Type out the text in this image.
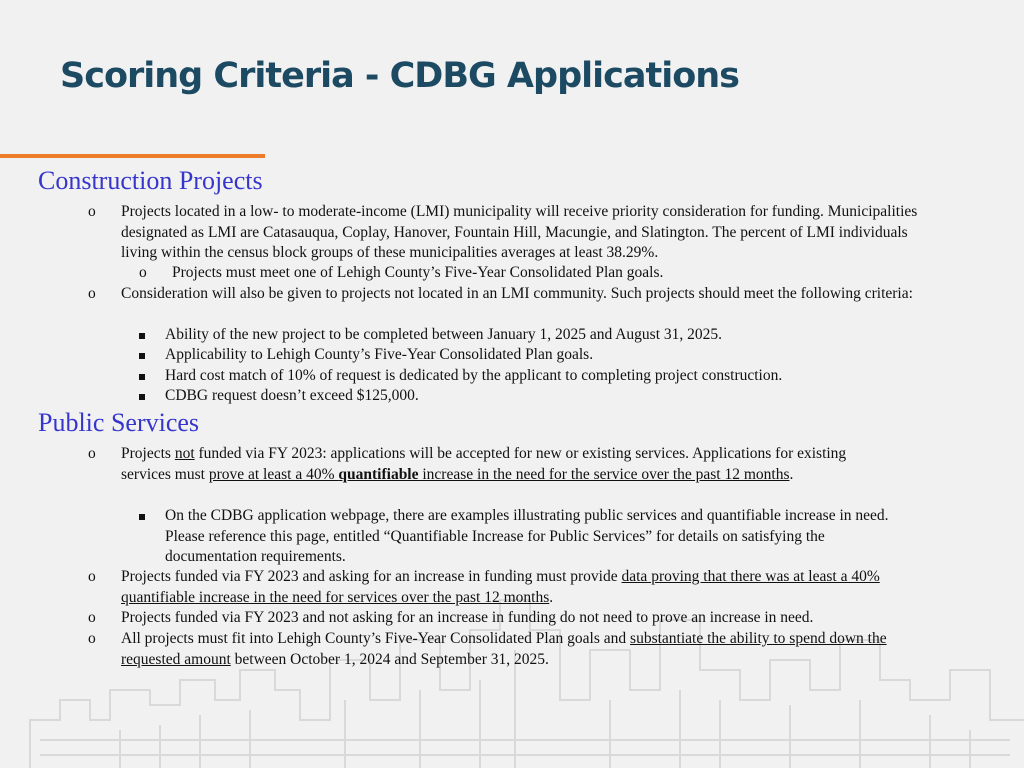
Scoring Criteria - CDBG Applications
Construction Projects
o Projects located in a low- to moderate-income (LMI) municipality will receive priority consideration for funding. Municipalities designated as LMI are Catasauqua, Coplay, Hanover, Fountain Hill, Macungie, and Slatington. The percent of LMI individuals living within the census block groups of these municipalities averages at least 38.29%.
o Projects must meet one of Lehigh County’s Five-Year Consolidated Plan goals.
o Consideration will also be given to projects not located in an LMI community. Such projects should meet the following criteria:
Ability of the new project to be completed between January 1, 2025 and August 31, 2025.
Applicability to Lehigh County’s Five-Year Consolidated Plan goals.
Hard cost match of 10% of request is dedicated by the applicant to completing project construction.
CDBG request doesn’t exceed $125,000.
Public Services
o Projects not funded via FY 2023: applications will be accepted for new or existing services. Applications for existing services must prove at least a 40% quantifiable increase in the need for the service over the past 12 months.
On the CDBG application webpage, there are examples illustrating public services and quantifiable increase in need. Please reference this page, entitled “Quantifiable Increase for Public Services” for details on satisfying the documentation requirements.
o Projects funded via FY 2023 and asking for an increase in funding must provide data proving that there was at least a 40% quantifiable increase in the need for services over the past 12 months.
o Projects funded via FY 2023 and not asking for an increase in funding do not need to prove an increase in need.
o All projects must fit into Lehigh County’s Five-Year Consolidated Plan goals and substantiate the ability to spend down the requested amount between October 1, 2024 and September 31, 2025.
